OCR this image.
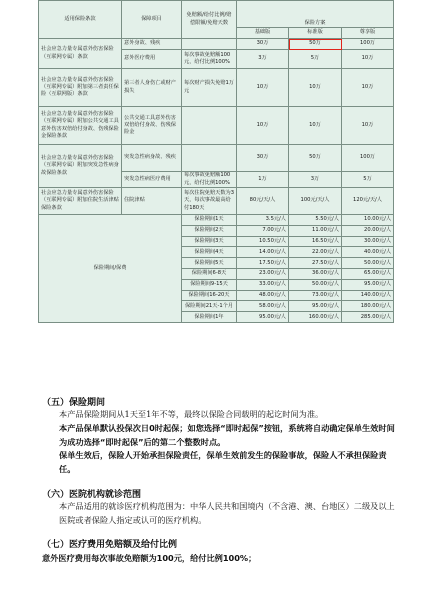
适用保险条款	保障项目	免赔额/给付比例/赔偿限额/免赔天数	保险方案		
			基础版	标准版	尊享版
社会应急力量专属意外伤害保险（互联网专属）条款	意外身故、残疾		30万	50万	100万
	意外医疗费用	每次事故免赔额100元，给付比例100%	3万	5万	10万
社会应急力量专属意外伤害保险（互联网专属）附加第三者责任保险（互联网版）条款	第三者人身伤亡或财产损失	每次财产损失免赔1万元	10万	10万	10万
社会应急力量专属意外伤害保险（互联网专属）附加公共交通工具意外伤害双倍给付身故、伤残保险金保险条款	公共交通工具意外伤害双倍给付身故、伤残保险金		10万	10万	10万
社会应急力量专属意外伤害保险（互联网专属）附加突发急性病身故保险条款	突发急性病身故、残疾		30万	50万	100万
	突发急性病医疗费用	每次事故免赔额100元，给付比例100%	1万	3万	5万
社会应急力量专属意外伤害保险（互联网专属）附加住院生活津贴保险条款	住院津贴	每次住院免赔天数为3天，每次事故最高给付180天	80元/天/人	100元/天/人	120元/天/人
保险期间/保费		保险期间1天	3.5元/人	5.50元/人	10.00元/人
		保险期间2天	7.00元/人	11.00元/人	20.00元/人
		保险期间3天	10.50元/人	16.50元/人	30.00元/人
		保险期间4天	14.00元/人	22.00元/人	40.00元/人
		保险期间5天	17.50元/人	27.50元/人	50.00元/人
		保险期间6-8天	23.00元/人	36.00元/人	65.00元/人
		保险期间9-15天	33.00元/人	50.00元/人	95.00元/人
		保险期间16-20天	48.00元/人	73.00元/人	140.00元/人
		保险期间21天-1个月	58.00元/人	95.00元/人	180.00元/人
		保险期间1年	95.00元/人	160.00元/人	285.00元/人
（五）保险期间
本产品保险期间从1天至1年不等，最终以保险合同载明的起讫时间为准。
本产品保单默认投保次日0时起保；如您选择“即时起保”按钮，系统将自动确定保单生效时间为成功选择“即时起保”后的第二个整数时点。
保单生效后，保险人开始承担保险责任，保单生效前发生的保险事故，保险人不承担保险责任。
（六）医院机构就诊范围
本产品适用的就诊医疗机构范围为：中华人民共和国境内（不含港、澳、台地区）二级及以上医院或者保险人指定或认可的医疗机构。
（七）医疗费用免赔额及给付比例
意外医疗费用每次事故免赔额为100元，给付比例100%；
